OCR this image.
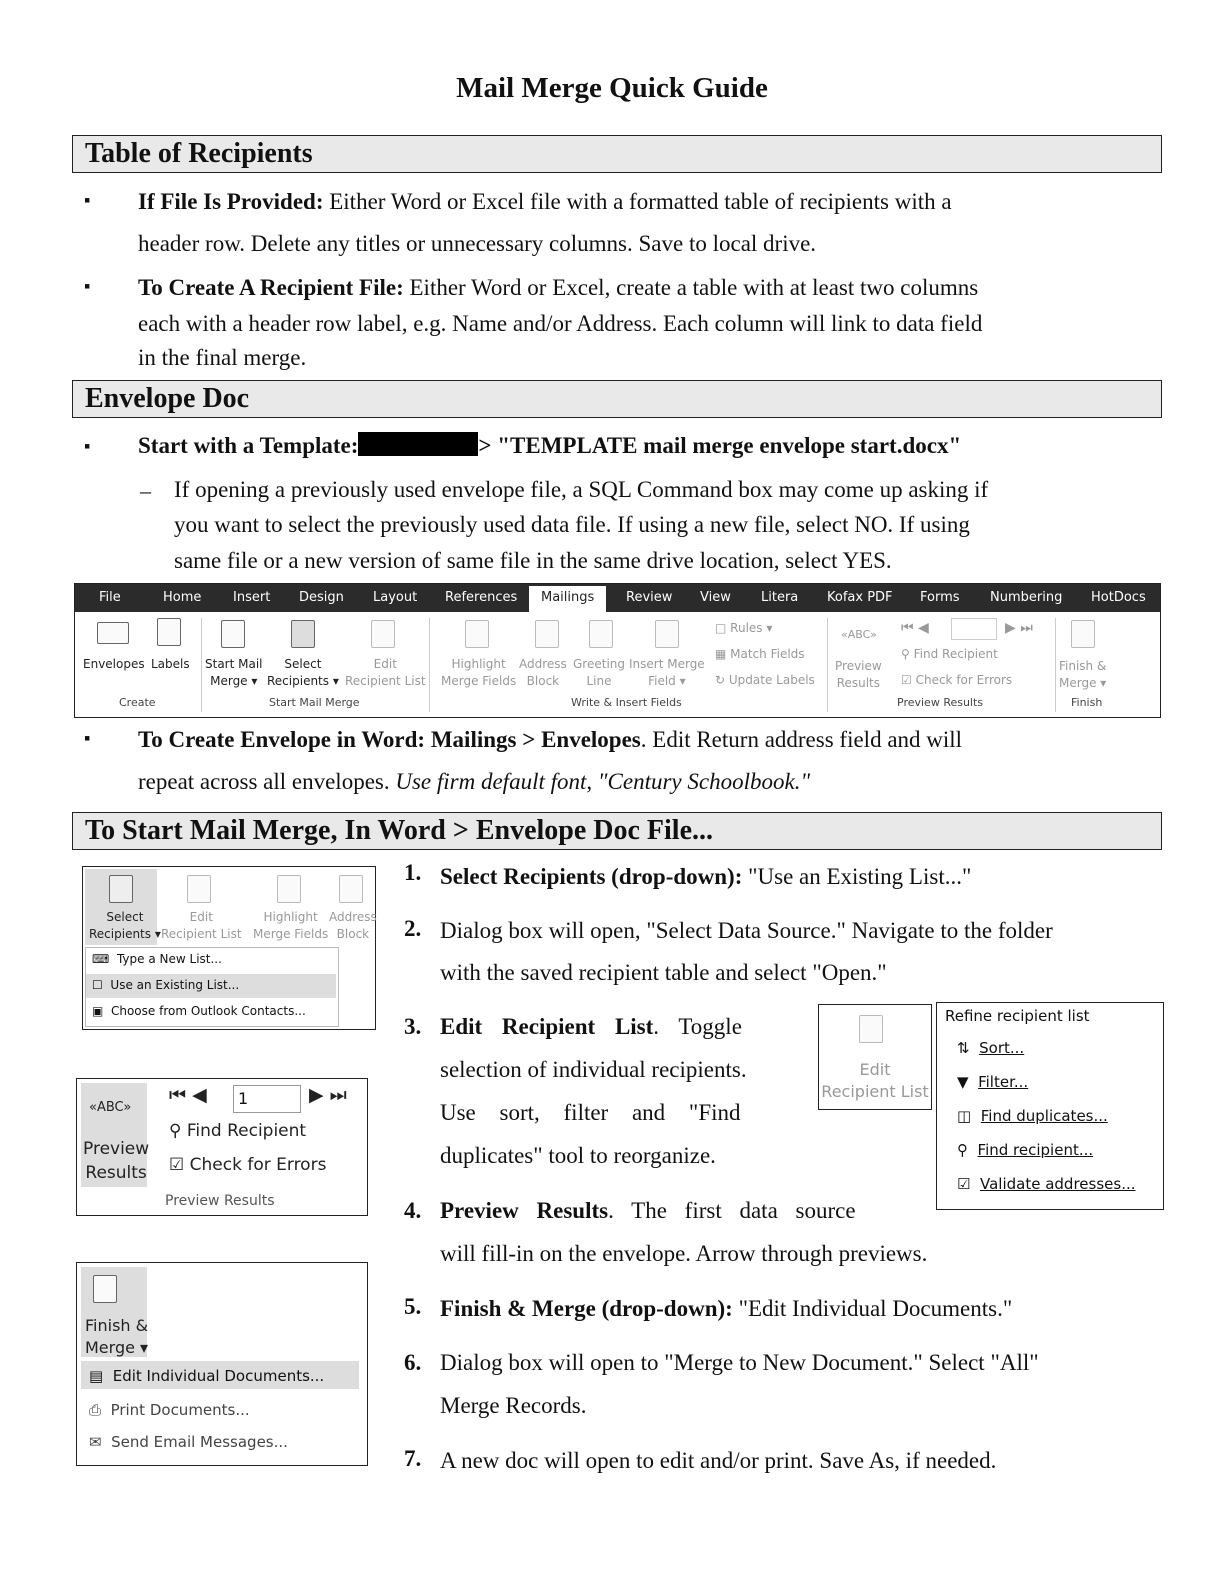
Mail Merge Quick Guide
Table of Recipients
▪ If File Is Provided: Either Word or Excel file with a formatted table of recipients with a
header row. Delete any titles or unnecessary columns. Save to local drive.
▪ To Create A Recipient File: Either Word or Excel, create a table with at least two columns
each with a header row label, e.g. Name and/or Address. Each column will link to data field
in the final merge.
Envelope Doc
▪ Start with a Template:	> "TEMPLATE mail merge envelope start.docx"
– If opening a previously used envelope file, a SQL Command box may come up asking if
you want to select the previously used data file. If using a new file, select NO. If using
same file or a new version of same file in the same drive location, select YES.
File	Home Insert Design Layout References	Mailings	Review View Litera Kofax PDF Forms Numbering HotDocs
Envelopes Labels
Create
Start Mail
Merge ▾
Select
Recipients ▾
Edit
Recipient List
Start Mail Merge
Highlight
Merge Fields
Address
Block
Greeting
Line
Insert Merge
Field ▾
□ Rules ▾
▦ Match Fields
↻ Update Labels
Write & Insert Fields
«ABC»
Preview
Results
⏮ ◀	▶ ⏭
⚲ Find Recipient
☑ Check for Errors
Preview Results
Finish &
Merge ▾
Finish
▪ To Create Envelope in Word: Mailings > Envelopes. Edit Return address field and will
repeat across all envelopes. Use firm default font, "Century Schoolbook."
To Start Mail Merge, In Word > Envelope Doc File...
Select
Recipients ▾
Edit
Recipient List
Highlight
Merge Fields
Address
Block
⌨ Type a New List...
☐ Use an Existing List...
▣ Choose from Outlook Contacts...
«ABC»
Preview
Results
⏮ ◀	1	▶ ⏭
⚲ Find Recipient
☑ Check for Errors
Preview Results
Finish &
Merge ▾
▤ Edit Individual Documents...
⎙ Print Documents...
✉ Send Email Messages...
1. Select Recipients (drop-down): "Use an Existing List..."
2. Dialog box will open, "Select Data Source." Navigate to the folder
with the saved recipient table and select "Open."
3. Edit Recipient List. Toggle
selection of individual recipients.
Use sort, filter and "Find
duplicates" tool to reorganize.
Edit
Recipient List
Refine recipient list
⇅ Sort...
▼ Filter...
◫ Find duplicates...
⚲ Find recipient...
☑ Validate addresses...
4. Preview Results. The first data source
will fill-in on the envelope. Arrow through previews.
5. Finish & Merge (drop-down): "Edit Individual Documents."
6. Dialog box will open to "Merge to New Document." Select "All"
Merge Records.
7. A new doc will open to edit and/or print. Save As, if needed.
